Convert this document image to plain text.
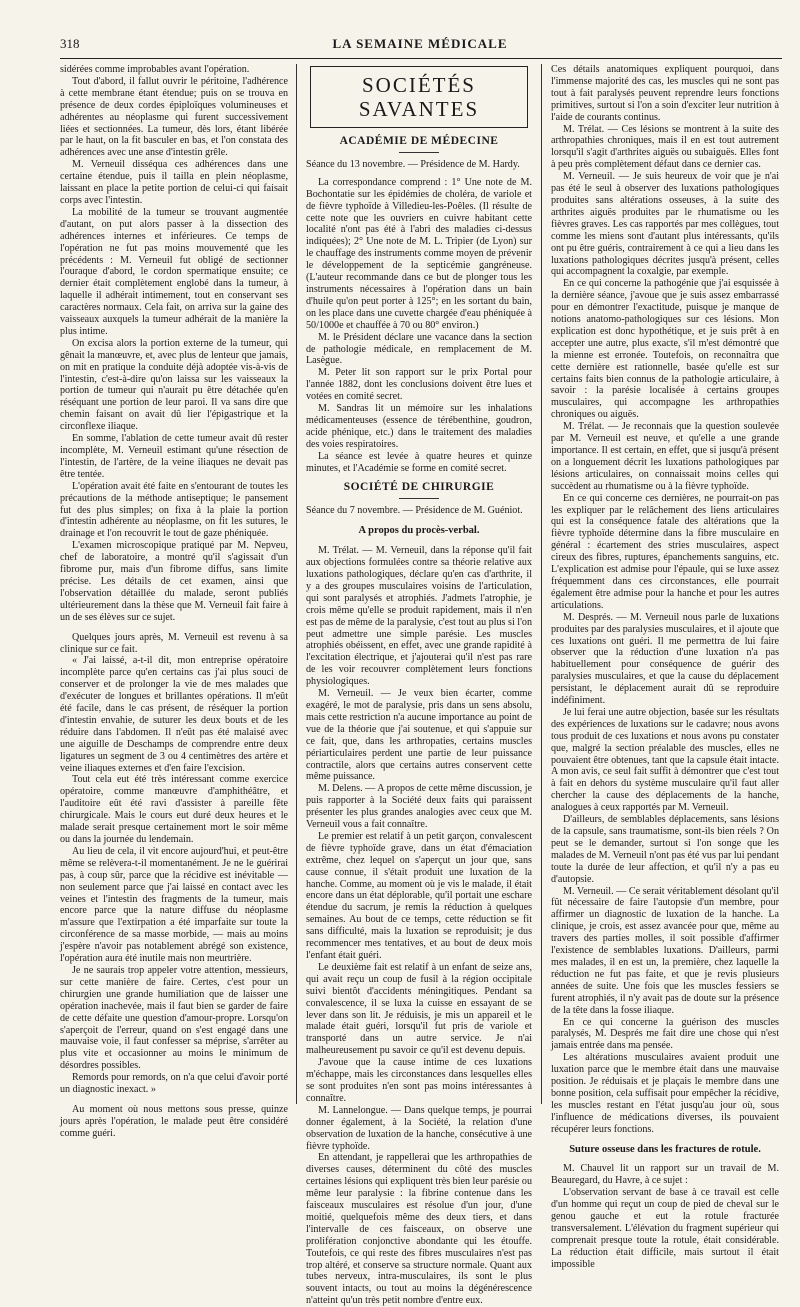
318	LA SEMAINE MÉDICALE

sidérées comme improbables avant l'opération.

Tout d'abord, il fallut ouvrir le péritoine, l'adhérence à cette membrane étant étendue; puis on se trouva en présence de deux cordes épiploïques volumineuses et adhérentes au néoplasme qui furent successivement liées et sectionnées. La tumeur, dès lors, étant libérée par le haut, on la fit basculer en bas, et l'on constata des adhérences avec une anse d'intestin grêle.

M. Verneuil disséqua ces adhérences dans une certaine étendue, puis il tailla en plein néoplasme, laissant en place la petite portion de celui-ci qui faisait corps avec l'intestin.

La mobilité de la tumeur se trouvant augmentée d'autant, on put alors passer à la dissection des adhérences internes et inférieures. Ce temps de l'opération ne fut pas moins mouvementé que les précédents : M. Verneuil fut obligé de sectionner l'ouraque d'abord, le cordon spermatique ensuite; ce dernier était complètement englobé dans la tumeur, à laquelle il adhérait intimement, tout en conservant ses caractères normaux. Cela fait, on arriva sur la gaine des vaisseaux auxquels la tumeur adhérait de la manière la plus intime.

On excisa alors la portion externe de la tumeur, qui gênait la manœuvre, et, avec plus de lenteur que jamais, on mit en pratique la conduite déjà adoptée vis-à-vis de l'intestin, c'est-à-dire qu'on laissa sur les vaisseaux la portion de tumeur qui n'aurait pu être détachée qu'en réséquant une portion de leur paroi. Il va sans dire que chemin faisant on avait dû lier l'épigastrique et la circonflexe iliaque.

En somme, l'ablation de cette tumeur avait dû rester incomplète, M. Verneuil estimant qu'une résection de l'intestin, de l'artère, de la veine iliaques ne devait pas être tentée.

L'opération avait été faite en s'entourant de toutes les précautions de la méthode antiseptique; le pansement fut des plus simples; on fixa à la plaie la portion d'intestin adhérente au néoplasme, on fit les sutures, le drainage et l'on recouvrit le tout de gaze phéniquée.

L'examen microscopique pratiqué par M. Nepveu, chef de laboratoire, a montré qu'il s'agissait d'un fibrome pur, mais d'un fibrome diffus, sans limite précise. Les détails de cet examen, ainsi que l'observation détaillée du malade, seront publiés ultérieurement dans la thèse que M. Verneuil fait faire à un de ses élèves sur ce sujet.

Quelques jours après, M. Verneuil est revenu à sa clinique sur ce fait.

« J'ai laissé, a-t-il dit, mon entreprise opératoire incomplète parce qu'en certains cas j'ai plus souci de conserver et de prolonger la vie de mes malades que d'exécuter de longues et brillantes opérations. Il m'eût été facile, dans le cas présent, de réséquer la portion d'intestin envahie, de suturer les deux bouts et de les réduire dans l'abdomen. Il n'eût pas été malaisé avec une aiguille de Deschamps de comprendre entre deux ligatures un segment de 3 ou 4 centimètres des artère et veine iliaques externes et d'en faire l'excision.

Tout cela eut été très intéressant comme exercice opératoire, comme manœuvre d'amphithéâtre, et l'auditoire eût été ravi d'assister à pareille fête chirurgicale. Mais le cours eut duré deux heures et le malade serait presque certainement mort le soir même ou dans la journée du lendemain.

Au lieu de cela, il vit encore aujourd'hui, et peut-être même se relèvera-t-il momentanément. Je ne le guérirai pas, à coup sûr, parce que la récidive est inévitable — non seulement parce que j'ai laissé en contact avec les veines et l'intestin des fragments de la tumeur, mais encore parce que la nature diffuse du néoplasme m'assure que l'extirpation a été imparfaite sur toute la circonférence de sa masse morbide, — mais au moins j'espère n'avoir pas notablement abrégé son existence, l'opération aura été inutile mais non meurtrière.

Je ne saurais trop appeler votre attention, messieurs, sur cette manière de faire. Certes, c'est pour un chirurgien une grande humiliation que de laisser une opération inachevée, mais il faut bien se garder de faire de cette défaite une question d'amour-propre. Lorsqu'on s'aperçoit de l'erreur, quand on s'est engagé dans une mauvaise voie, il faut confesser sa méprise, s'arrêter au plus vite et occasionner au moins le minimum de désordres possibles.

Remords pour remords, on n'a que celui d'avoir porté un diagnostic inexact. »

Au moment où nous mettons sous presse, quinze jours après l'opération, le malade peut être considéré comme guéri.

SOCIÉTÉS SAVANTES
ACADÉMIE DE MÉDECINE

Séance du 13 novembre. — Présidence de M. Hardy.

La correspondance comprend : 1° Une note de M. Bochontatie sur les épidémies de choléra, de variole et de fièvre typhoïde à Villedieu-les-Poêles. (Il résulte de cette note que les ouvriers en cuivre habitant cette localité n'ont pas été à l'abri des maladies ci-dessus indiquées); 2° Une note de M. L. Tripier (de Lyon) sur le chauffage des instruments comme moyen de prévenir le développement de la septicémie gangréneuse. (L'auteur recommande dans ce but de plonger tous les instruments nécessaires à l'opération dans un bain d'huile qu'on peut porter à 125°; en les sortant du bain, on les place dans une cuvette chargée d'eau phéniquée à 50/1000e et chauffée à 70 ou 80° environ.)

M. le Président déclare une vacance dans la section de pathologie médicale, en remplacement de M. Lasègue.

M. Peter lit son rapport sur le prix Portal pour l'année 1882, dont les conclusions doivent être lues et votées en comité secret.

M. Sandras lit un mémoire sur les inhalations médicamenteuses (essence de térébenthine, goudron, acide phénique, etc.) dans le traitement des maladies des voies respiratoires.

La séance est levée à quatre heures et quinze minutes, et l'Académie se forme en comité secret.

SOCIÉTÉ DE CHIRURGIE

Séance du 7 novembre. — Présidence de M. Guéniot.

A propos du procès-verbal.

M. Trélat. — M. Verneuil, dans la réponse qu'il fait aux objections formulées contre sa théorie relative aux luxations pathologiques, déclare qu'en cas d'arthrite, il y a des groupes musculaires voisins de l'articulation, qui sont paralysés et atrophiés. J'admets l'atrophie, je crois même qu'elle se produit rapidement, mais il n'en est pas de même de la paralysie, c'est tout au plus si l'on peut admettre une simple parésie. Les muscles atrophiés obéissent, en effet, avec une grande rapidité à l'excitation électrique, et j'ajouterai qu'il n'est pas rare de les voir recouvrer complètement leurs fonctions physiologiques.

M. Verneuil. — Je veux bien écarter, comme exagéré, le mot de paralysie, pris dans un sens absolu, mais cette restriction n'a aucune importance au point de vue de la théorie que j'ai soutenue, et qui s'appuie sur ce fait, que, dans les arthropaties, certains muscles périarticulaires perdent une partie de leur puissance contractile, alors que certains autres conservent cette même puissance.

M. Delens. — A propos de cette même discussion, je puis rapporter à la Société deux faits qui paraissent présenter les plus grandes analogies avec ceux que M. Verneuil vous a fait connaître.

Le premier est relatif à un petit garçon, convalescent de fièvre typhoïde grave, dans un état d'émaciation extrême, chez lequel on s'aperçut un jour que, sans cause connue, il s'était produit une luxation de la hanche. Comme, au moment où je vis le malade, il était encore dans un état déplorable, qu'il portait une eschare étendue du sacrum, je remis la réduction à quelques semaines. Au bout de ce temps, cette réduction se fit sans difficulté, mais la luxation se reproduisit; je dus recommencer mes tentatives, et au bout de deux mois l'enfant était guéri.

Le deuxième fait est relatif à un enfant de seize ans, qui avait reçu un coup de fusil à la région occipitale suivi bientôt d'accidents méningitiques. Pendant sa convalescence, il se luxa la cuisse en essayant de se lever dans son lit. Je réduisis, je mis un appareil et le malade était guéri, lorsqu'il fut pris de variole et transporté dans un autre service. Je n'ai malheureusement pu savoir ce qu'il est devenu depuis.

J'avoue que la cause intime de ces luxations m'échappe, mais les circonstances dans lesquelles elles se sont produites n'en sont pas moins intéressantes à connaître.

M. Lannelongue. — Dans quelque temps, je pourrai donner également, à la Société, la relation d'une observation de luxation de la hanche, consécutive à une fièvre typhoïde.

En attendant, je rappellerai que les arthropathies de diverses causes, déterminent du côté des muscles certaines lésions qui expliquent très bien leur parésie ou même leur paralysie : la fibrine contenue dans les faisceaux musculaires est résolue d'un jour, d'une moitié, quelquefois même des deux tiers, et dans l'intervalle de ces faisceaux, on observe une prolifération conjonctive abondante qui les étouffe. Toutefois, ce qui reste des fibres musculaires n'est pas trop altéré, et conserve sa structure normale. Quant aux tubes nerveux, intra-musculaires, ils sont le plus souvent intacts, ou tout au moins la dégénérescence n'atteint qu'un très petit nombre d'entre eux.

Ces détails anatomiques expliquent pourquoi, dans l'immense majorité des cas, les muscles qui ne sont pas tout à fait paralysés peuvent reprendre leurs fonctions primitives, surtout si l'on a soin d'exciter leur nutrition à l'aide de courants continus.

M. Trélat. — Ces lésions se montrent à la suite des arthropathies chroniques, mais il en est tout autrement lorsqu'il s'agit d'arthrites aiguës ou subaiguës. Elles font à peu près complètement défaut dans ce dernier cas.

M. Verneuil. — Je suis heureux de voir que je n'ai pas été le seul à observer des luxations pathologiques produites sans altérations osseuses, à la suite des arthrites aiguës produites par le rhumatisme ou les fièvres graves. Les cas rapportés par mes collègues, tout comme les miens sont d'autant plus intéressants, qu'ils ont pu être guéris, contrairement à ce qui a lieu dans les luxations pathologiques décrites jusqu'à présent, celles qui accompagnent la coxalgie, par exemple.

En ce qui concerne la pathogénie que j'ai esquissée à la dernière séance, j'avoue que je suis assez embarrassé pour en démontrer l'exactitude, puisque je manque de notions anatomo-pathologiques sur ces lésions. Mon explication est donc hypothétique, et je suis prêt à en accepter une autre, plus exacte, s'il m'est démontré que la mienne est erronée. Toutefois, on reconnaîtra que cette dernière est rationnelle, basée qu'elle est sur certains faits bien connus de la pathologie articulaire, à savoir : la parésie localisée à certains groupes musculaires, qui accompagne les arthropathies chroniques ou aiguës.

M. Trélat. — Je reconnais que la question soulevée par M. Verneuil est neuve, et qu'elle a une grande importance. Il est certain, en effet, que si jusqu'à présent on a longuement décrit les luxations pathologiques par lésions articulaires, on connaissait moins celles qui succèdent au rhumatisme ou à la fièvre typhoïde.

En ce qui concerne ces dernières, ne pourrait-on pas les expliquer par le relâchement des liens articulaires qui est la conséquence fatale des altérations que la fièvre typhoïde détermine dans la fibre musculaire en général : écartement des stries musculaires, aspect cireux des fibres, ruptures, épanchements sanguins, etc. L'explication est admise pour l'épaule, qui se luxe assez fréquemment dans ces circonstances, elle pourrait également être admise pour la hanche et pour les autres articulations.

M. Després. — M. Verneuil nous parle de luxations produites par des paralysies musculaires, et il ajoute que ces luxations ont guéri. Il me permettra de lui faire observer que la réduction d'une luxation n'a pas habituellement pour conséquence de guérir des paralysies musculaires, et que la cause du déplacement persistant, le déplacement aurait dû se reproduire indéfiniment.

Je lui ferai une autre objection, basée sur les résultats des expériences de luxations sur le cadavre; nous avons tous produit de ces luxations et nous avons pu constater que, malgré la section préalable des muscles, elles ne pouvaient être obtenues, tant que la capsule était intacte. A mon avis, ce seul fait suffit à démontrer que c'est tout à fait en dehors du système musculaire qu'il faut aller chercher la cause des déplacements de la hanche, analogues à ceux rapportés par M. Verneuil.

D'ailleurs, de semblables déplacements, sans lésions de la capsule, sans traumatisme, sont-ils bien réels ? On peut se le demander, surtout si l'on songe que les malades de M. Verneuil n'ont pas été vus par lui pendant toute la durée de leur affection, et qu'il n'y a pas eu d'autopsie.

M. Verneuil. — Ce serait véritablement désolant qu'il fût nécessaire de faire l'autopsie d'un membre, pour affirmer un diagnostic de luxation de la hanche. La clinique, je crois, est assez avancée pour que, même au travers des parties molles, il soit possible d'affirmer l'existence de semblables luxations. D'ailleurs, parmi mes malades, il en est un, la première, chez laquelle la réduction ne fut pas faite, et que je revis plusieurs années de suite. Une fois que les muscles fessiers se furent atrophiés, il n'y avait pas de doute sur la présence de la tête dans la fosse iliaque.

En ce qui concerne la guérison des muscles paralysés, M. Després me fait dire une chose qui n'est jamais entrée dans ma pensée.

Les altérations musculaires avaient produit une luxation parce que le membre était dans une mauvaise position. Je réduisais et je plaçais le membre dans une bonne position, cela suffisait pour empêcher la récidive, les muscles restant en l'état jusqu'au jour où, sous l'influence de médications diverses, ils pouvaient récupérer leurs fonctions.

Suture osseuse dans les fractures de rotule.

M. Chauvel lit un rapport sur un travail de M. Beauregard, du Havre, à ce sujet :

L'observation servant de base à ce travail est celle d'un homme qui reçut un coup de pied de cheval sur le genou gauche et eut la rotule fracturée transversalement. L'élévation du fragment supérieur qui comprenait presque toute la rotule, était considérable. La réduction était difficile, mais surtout il était impossible
